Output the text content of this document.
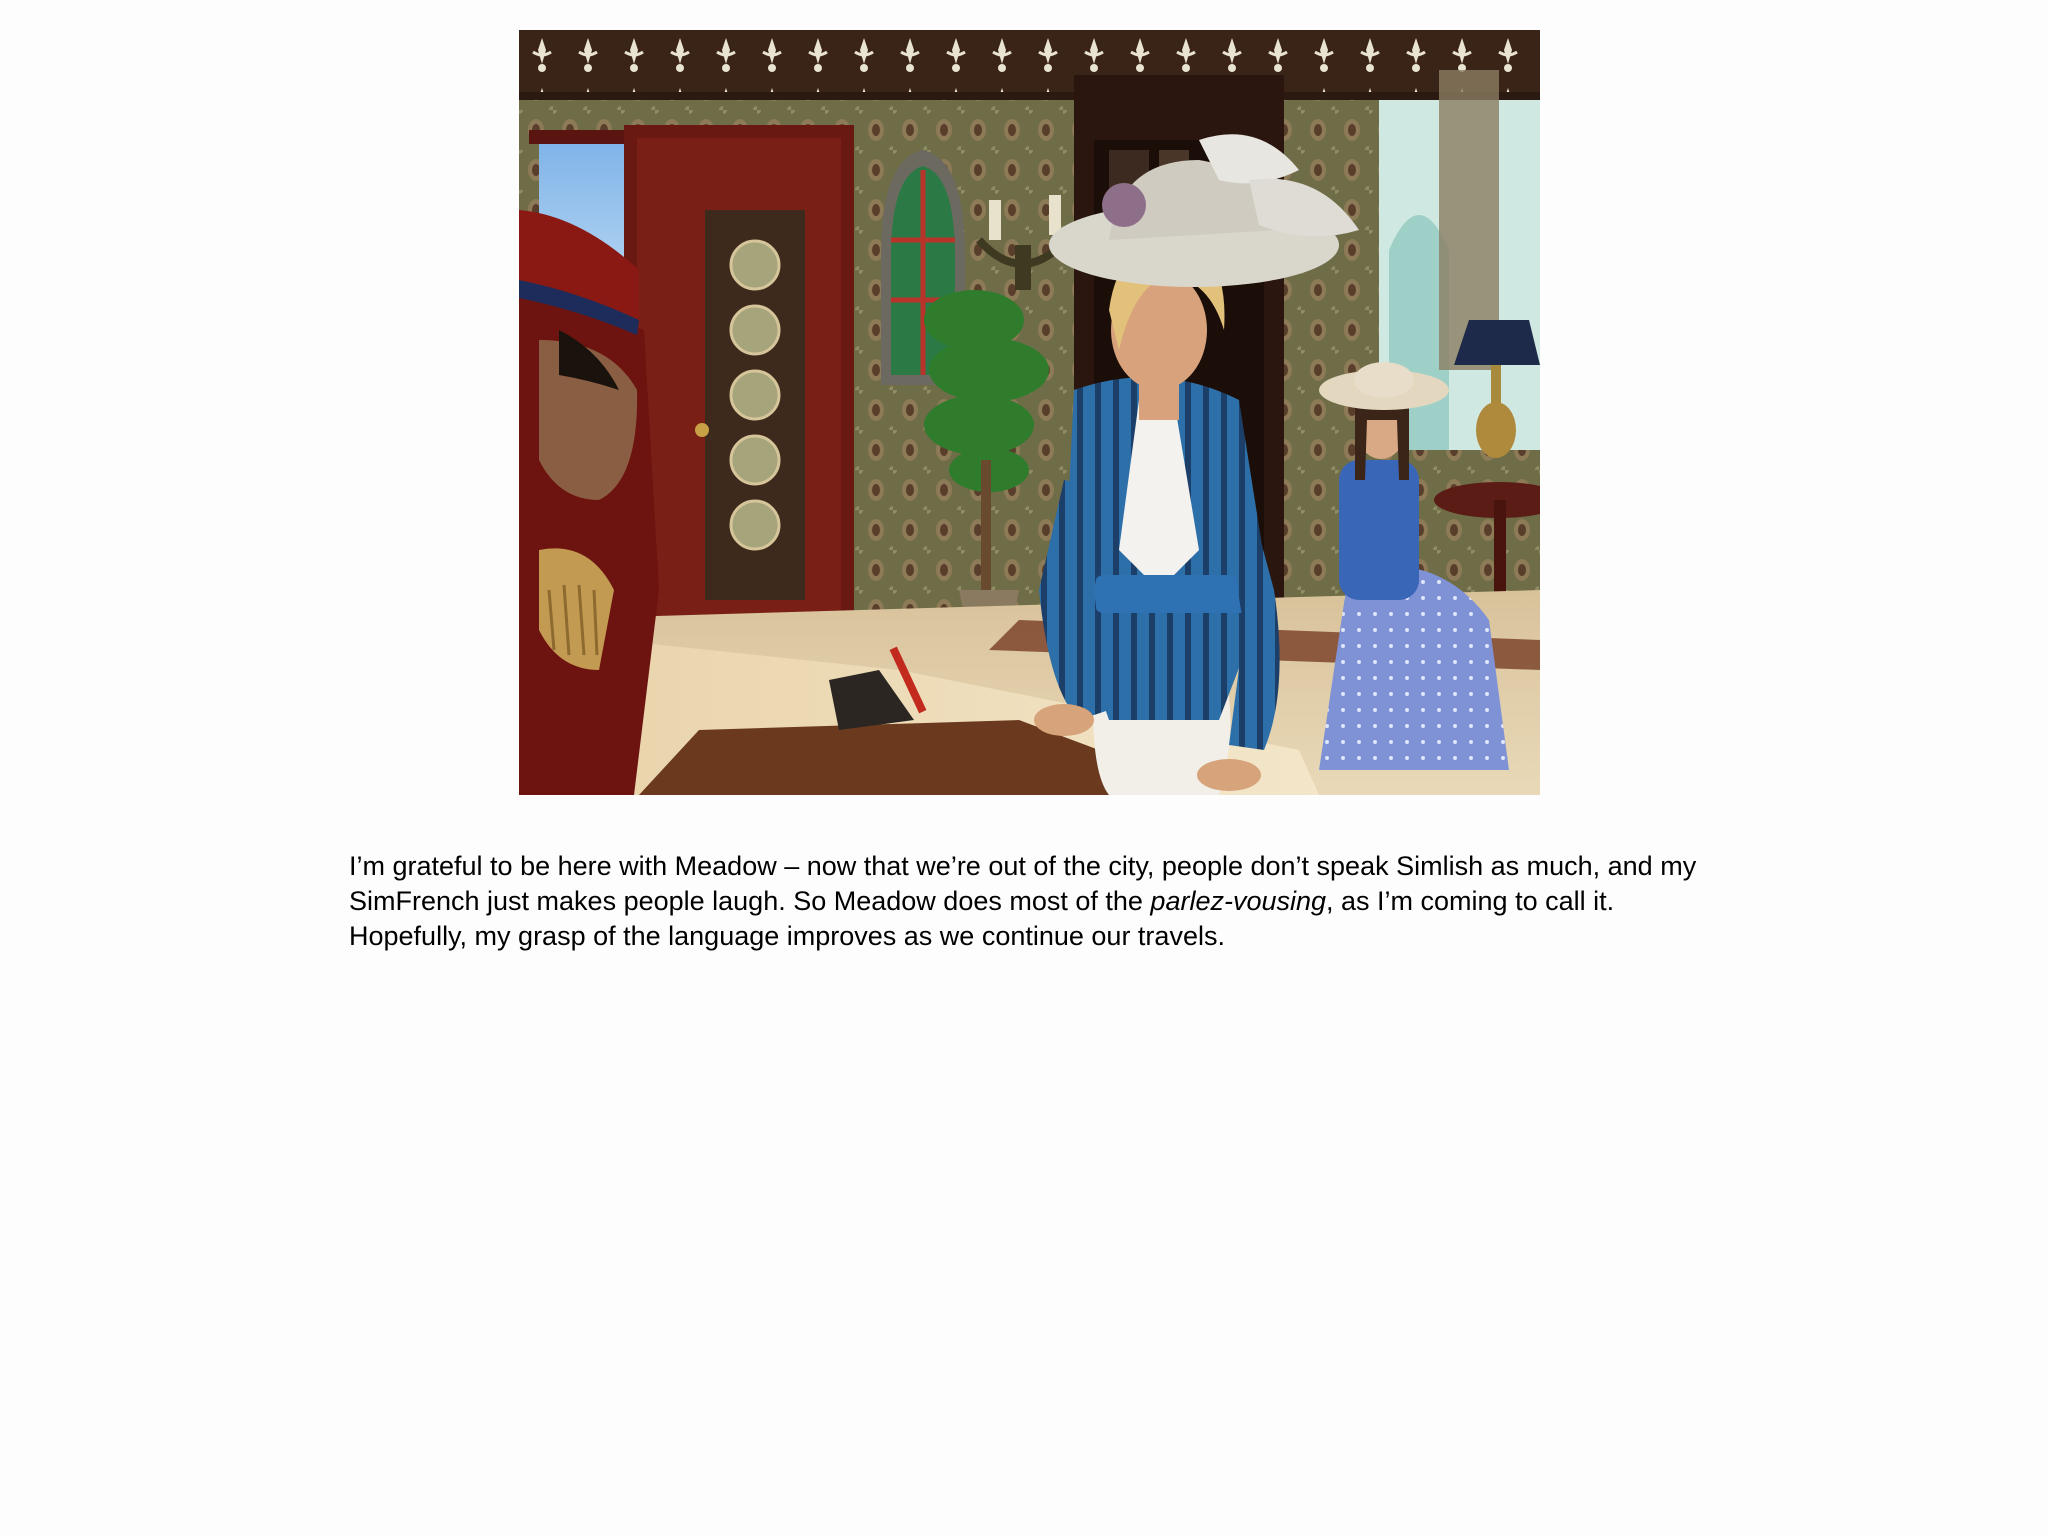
I’m grateful to be here with Meadow – now that we’re out of the city, people don’t speak Simlish as much, and my SimFrench just makes people laugh. So Meadow does most of the parlez-vousing, as I’m coming to call it. Hopefully, my grasp of the language improves as we continue our travels.
